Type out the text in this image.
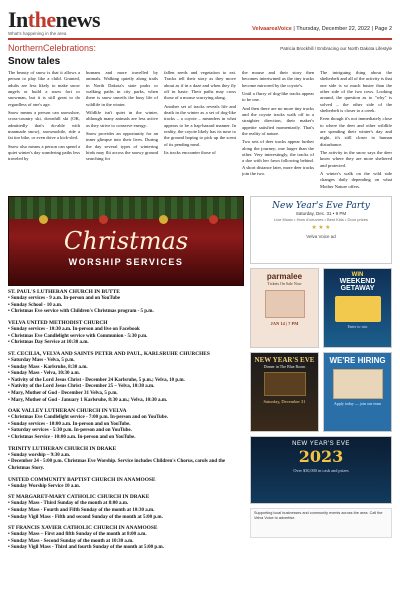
Inthenews
What's happening in the area
VelvaareaVoice | Thursday, December 22, 2022 | Page 2
NorthernCelebrations:	Patricia Brockhill / Embracing our North Dakota Lifestyle
Snow tales

The beauty of snow is that it allows a person to play like a child. Granted, adults are less likely to make snow angels or build a snow fort or snowman, but it is still great to do regardless of one's age.

Snow means a person can snowshoe, cross-country ski, downhill ski (OK, admittedly that's do-able with manmade snow), snowmobile, ride a fat tire bike, or even drive a kick-sled.

Snow also means a person can spend a quiet winter's day wandering paths less traveled by

humans and more travelled by animals. Walking quietly along trails in North Dakota's state parks or walking paths in city parks, when there is snow unveils the busy life of wildlife in the winter.

Wildlife isn't quiet in the winter, although many animals are less active as they strive to conserve energy.

Snow provides an opportunity for an inner glimpse into their lives. During the day several types of wintering birds may flit across the snowy ground searching for

fallen seeds and vegetation to eat. Tracks tell their story as they move about as if in a daze and when they fly off in haste. Their paths may cross those of a mouse scurrying along.

Another set of tracks reveals life and death in the winter as a set of dog-like tracks – a coyote – meanders in what appears to be a hap-hazard manner. In reality, the coyote likely has its nose to the ground hoping to pick up the scent of its pending meal.

Its tracks encounter those of

the mouse and their story then becomes intertwined as the tiny tracks become mirrored by the coyote's.

Until a flurry of dog-like tracks appear to be one.

And then there are no more tiny tracks and the coyote tracks walk off in a straighter direction, their maker's appetite satisfied momentarily. That's the reality of nature.

Two sets of deer tracks appear further along the journey; one larger than the other. Very interestingly, the tracks of a doe with her fawn following behind. A short distance later, more deer tracks join the two.

The intriguing thing about the shelterbelt and all of the activity is that one side is so much busier than the other side of the two rows. Looking around, the question as to "why" is solved – the other side of the shelterbelt is closer to a creek.

Even though it's not immediately close to where the deer and other wildlife are spending their winter's day and night, it's still closer to human disturbance.

The activity in the snow says the deer know where they are more sheltered and protected.

A winter's walk on the wild side changes daily depending on what Mother Nature offers.

Christmas
WORSHIP SERVICES
ST. PAUL'S LUTHERAN CHURCH IN BUTTE
• Sunday services - 9 a.m. In-person and on YouTube
• Sunday School - 10 a.m.
• Christmas Eve service with Children's Christmas program - 5 p.m.
VELVA UNITED METHODIST CHURCH
• Sunday services - 10:30 a.m. In-person and live on Facebook
• Christmas Eve Candlelight service with Communion - 5:30 p.m.
• Christmas Day Service at 10:30 a.m.
ST. CECILIA, VELVA AND SAINTS PETER AND PAUL, KARLSRUHE CHURCHES
• Saturday Mass - Velva, 5 p.m.
• Sunday Mass - Karlsruhe, 8:30 a.m.
• Sunday Mass - Velva, 10:30 a.m.
• Nativity of the Lord Jesus Christ - December 24 Karlsruhe, 5 p.m.; Velva, 10 p.m.
• Nativity of the Lord Jesus Christ - December 25 – Velva, 10:30 a.m.
• Mary, Mother of God - December 31 Velva, 5 p.m.
• Mary, Mother of God - January 1 Karlsruhe, 8:30 a.m.; Velva, 10:30 a.m.
OAK VALLEY LUTHERAN CHURCH IN VELVA
• Christmas Eve Candlelight service - 7:00 p.m. In-person and on YouTube.
• Sunday services - 10:00 a.m. In-person and on YouTube.
• Saturday services - 5:30 p.m. In-person and on YouTube.
• Christmas Service - 10:00 a.m. In-person and on YouTube.
TRINITY LUTHERAN CHURCH IN DRAKE
• Sunday worship – 9:30 a.m.
• December 24 - 5:00 p.m. Christmas Eve Worship. Service includes Children's Chorus, carols and the Christmas Story.
UNITED COMMUNITY BAPTIST CHURCH IN ANAMOOSE
• Sunday Worship Service 10 a.m.
ST MARGARET-MARY CATHOLIC CHURCH IN DRAKE
• Sunday Mass - Third Sunday of the month at 8:00 a.m.
• Sunday Mass - Fourth and Fifth Sunday of the month at 10:30 a.m.
• Sunday Vigil Mass - Fifth and second Sunday of the month at 5:00 p.m.
ST FRANCIS XAVIER CATHOLIC CHURCH IN ANAMOOSE
• Sunday Mass – First and fifth Sunday of the month at 8:00 a.m.
• Sunday Mass - Second Sunday of the month at 10:30 a.m.
• Sunday Vigil Mass - Third and fourth Sunday of the month at 5:00 p.m.
New Year's Eve Party
Saturday, Dec. 31 • 9 PM
Live Music • Hors d'oeuvres • Best Kids • Door prizes
★ ★ ★
Velva Voice ad
parmalee
Tickets On Sale Now
JAN 14 | 7 PM
WIN
WEEKEND GETAWAY
Enter to win
NEW YEAR'S EVE
Dinner in The Blue Room
Saturday, December 31
WE'RE HIRING
Apply today — join our team
NEW YEAR'S EVE
2023
Over $30,000 in cash and prizes
Supporting local businesses and community events across the area. Call the Velva Voice to advertise.
